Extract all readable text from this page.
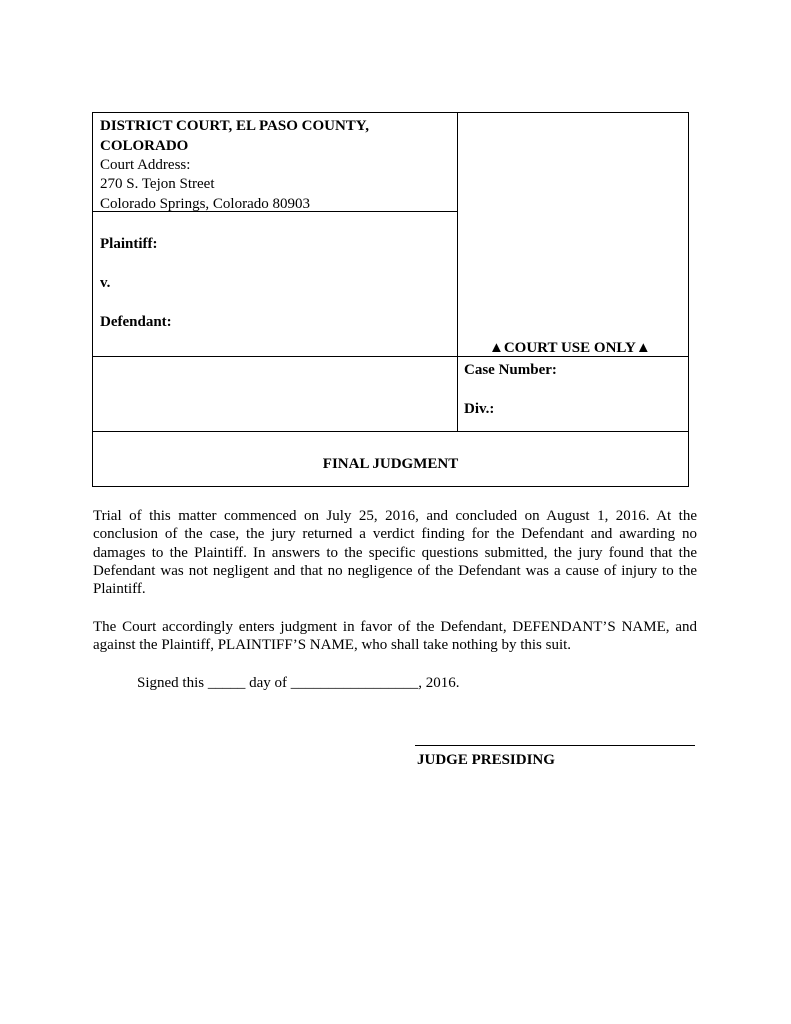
DISTRICT COURT, EL PASO COUNTY,
COLORADO
Court Address:
270 S. Tejon Street
Colorado Springs, Colorado 80903
Plaintiff:
v.
Defendant:
▲COURT USE ONLY▲
Case Number:
Div.:
FINAL JUDGMENT

Trial of this matter commenced on July 25, 2016, and concluded on August 1, 2016. At the conclusion of the case, the jury returned a verdict finding for the Defendant and awarding no damages to the Plaintiff. In answers to the specific questions submitted, the jury found that the Defendant was not negligent and that no negligence of the Defendant was a cause of injury to the Plaintiff.

The Court accordingly enters judgment in favor of the Defendant, DEFENDANT’S NAME, and against the Plaintiff, PLAINTIFF’S NAME, who shall take nothing by this suit.

Signed this _____ day of _________________, 2016.
JUDGE PRESIDING
